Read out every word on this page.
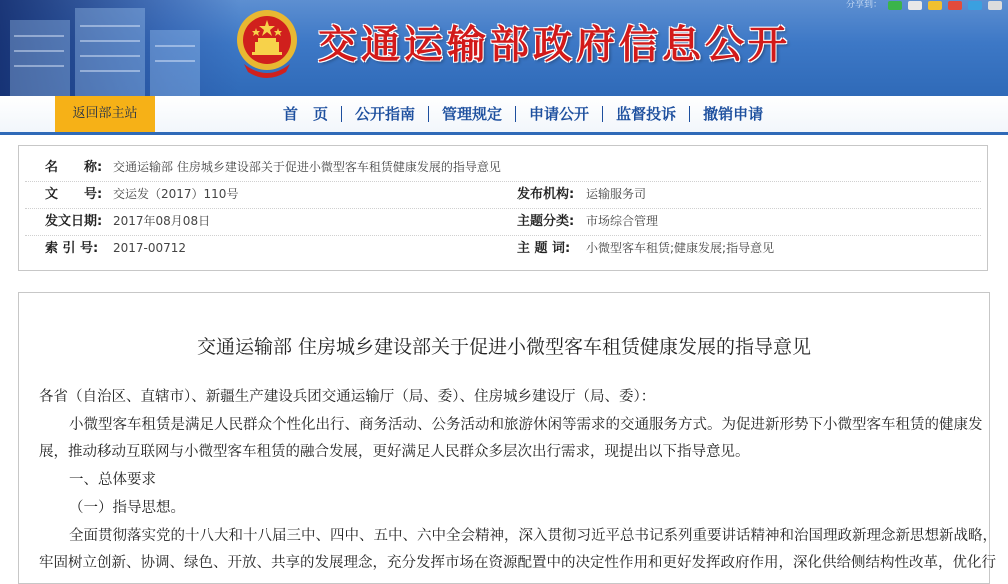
交通运输部政府信息公开
分享到：
返回部主站	首　页	公开指南	管理规定	申请公开	监督投诉	撤销申请
名　　称: 交通运输部 住房城乡建设部关于促进小微型客车租赁健康发展的指导意见
文　　号: 交运发（2017）110号	发布机构: 运输服务司
发文日期: 2017年08月08日	主题分类: 市场综合管理
索 引 号: 2017-00712	主 题 词: 小微型客车租赁;健康发展;指导意见
交通运输部 住房城乡建设部关于促进小微型客车租赁健康发展的指导意见
各省（自治区、直辖市）、新疆生产建设兵团交通运输厅（局、委）、住房城乡建设厅（局、委）：
小微型客车租赁是满足人民群众个性化出行、商务活动、公务活动和旅游休闲等需求的交通服务方式。为促进新形势下小微型客车租赁的健康发
展，推动移动互联网与小微型客车租赁的融合发展，更好满足人民群众多层次出行需求，现提出以下指导意见。
一、总体要求
（一）指导思想。
全面贯彻落实党的十八大和十八届三中、四中、五中、六中全会精神，深入贯彻习近平总书记系列重要讲话精神和治国理政新理念新思想新战略，
牢固树立创新、协调、绿色、开放、共享的发展理念，充分发挥市场在资源配置中的决定性作用和更好发挥政府作用，深化供给侧结构性改革，优化行
